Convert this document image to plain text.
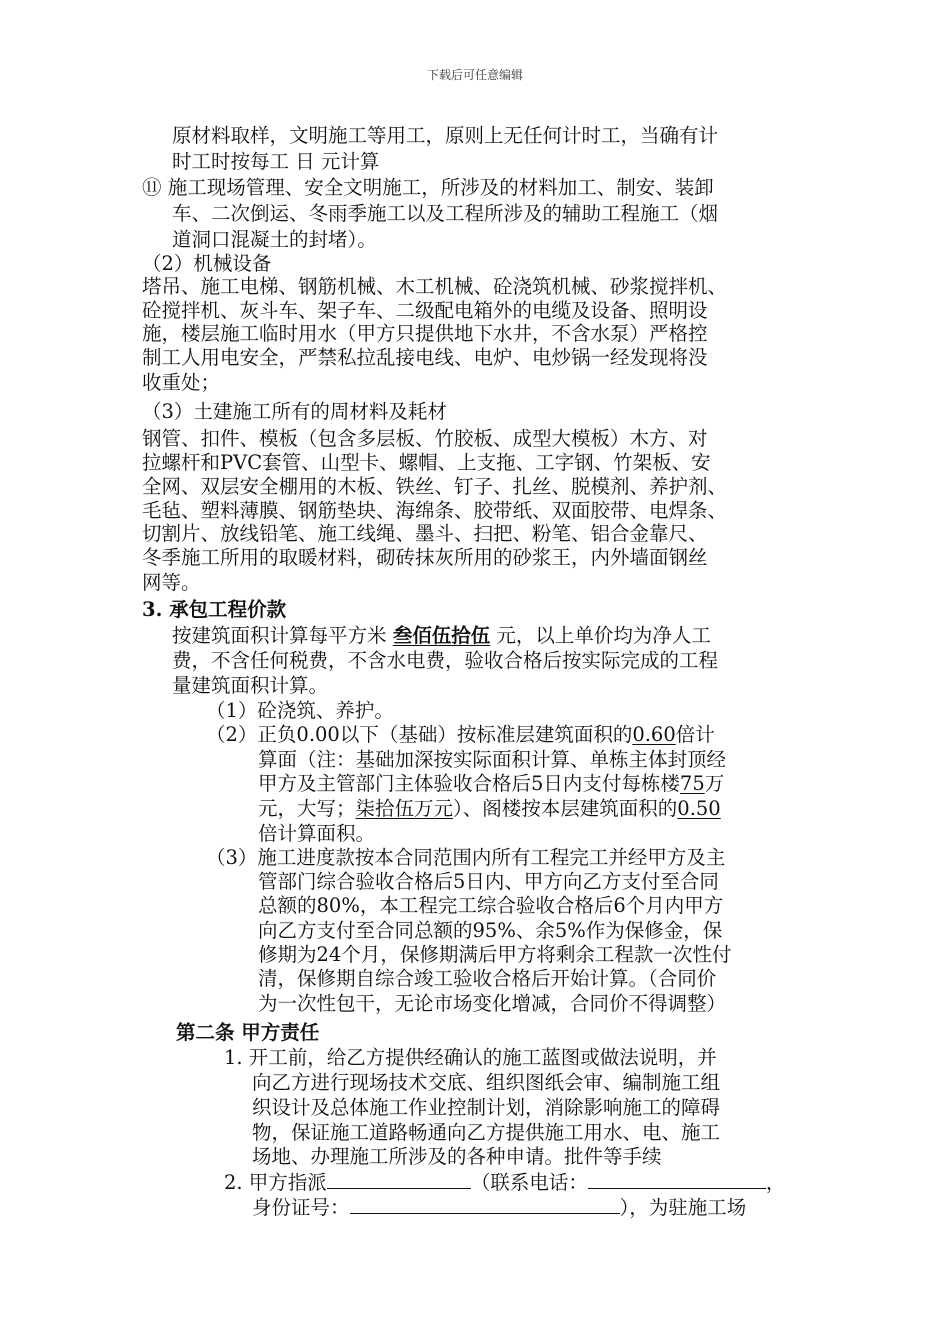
下载后可任意编辑
原材料取样，文明施工等用工，原则上无任何计时工，当确有计
时工时按每工 日 元计算
⑪ 施工现场管理、安全文明施工，所涉及的材料加工、制安、装卸
车、二次倒运、冬雨季施工以及工程所涉及的辅助工程施工（烟
道洞口混凝土的封堵）。
（2）机械设备
塔吊、施工电梯、钢筋机械、木工机械、砼浇筑机械、砂浆搅拌机、
砼搅拌机、灰斗车、架子车、二级配电箱外的电缆及设备、照明设
施，楼层施工临时用水（甲方只提供地下水井，不含水泵）严格控
制工人用电安全，严禁私拉乱接电线、电炉、电炒锅一经发现将没
收重处；
（3）土建施工所有的周材料及耗材
钢管、扣件、模板（包含多层板、竹胶板、成型大模板）木方、对
拉螺杆和PVC套管、山型卡、螺帽、上支拖、工字钢、竹架板、安
全网、双层安全棚用的木板、铁丝、钉子、扎丝、脱模剂、养护剂、
毛毡、塑料薄膜、钢筋垫块、海绵条、胶带纸、双面胶带、电焊条、
切割片、放线铅笔、施工线绳、墨斗、扫把、粉笔、铝合金靠尺、
冬季施工所用的取暖材料，砌砖抹灰所用的砂浆王，内外墙面钢丝
网等。
3. 承包工程价款
按建筑面积计算每平方米 叁佰伍拾伍 元，以上单价均为净人工
费，不含任何税费，不含水电费，验收合格后按实际完成的工程
量建筑面积计算。
（1）砼浇筑、养护。
（2）正负0.00以下（基础）按标准层建筑面积的0.60倍计
算面（注：基础加深按实际面积计算、单栋主体封顶经
甲方及主管部门主体验收合格后5日内支付每栋楼75万
元，大写；柒拾伍万元）、阁楼按本层建筑面积的0.50
倍计算面积。
（3）施工进度款按本合同范围内所有工程完工并经甲方及主
管部门综合验收合格后5日内、甲方向乙方支付至合同
总额的80%，本工程完工综合验收合格后6个月内甲方
向乙方支付至合同总额的95%、余5%作为保修金，保
修期为24个月，保修期满后甲方将剩余工程款一次性付
清，保修期自综合竣工验收合格后开始计算。（合同价
为一次性包干，无论市场变化增减，合同价不得调整）
第二条 甲方责任
1. 开工前，给乙方提供经确认的施工蓝图或做法说明，并
向乙方进行现场技术交底、组织图纸会审、编制施工组
织设计及总体施工作业控制计划，消除影响施工的障碍
物，保证施工道路畅通向乙方提供施工用水、电、施工
场地、办理施工所涉及的各种申请。批件等手续
2. 甲方指派	（联系电话：	，
身份证号：	），为驻施工场
